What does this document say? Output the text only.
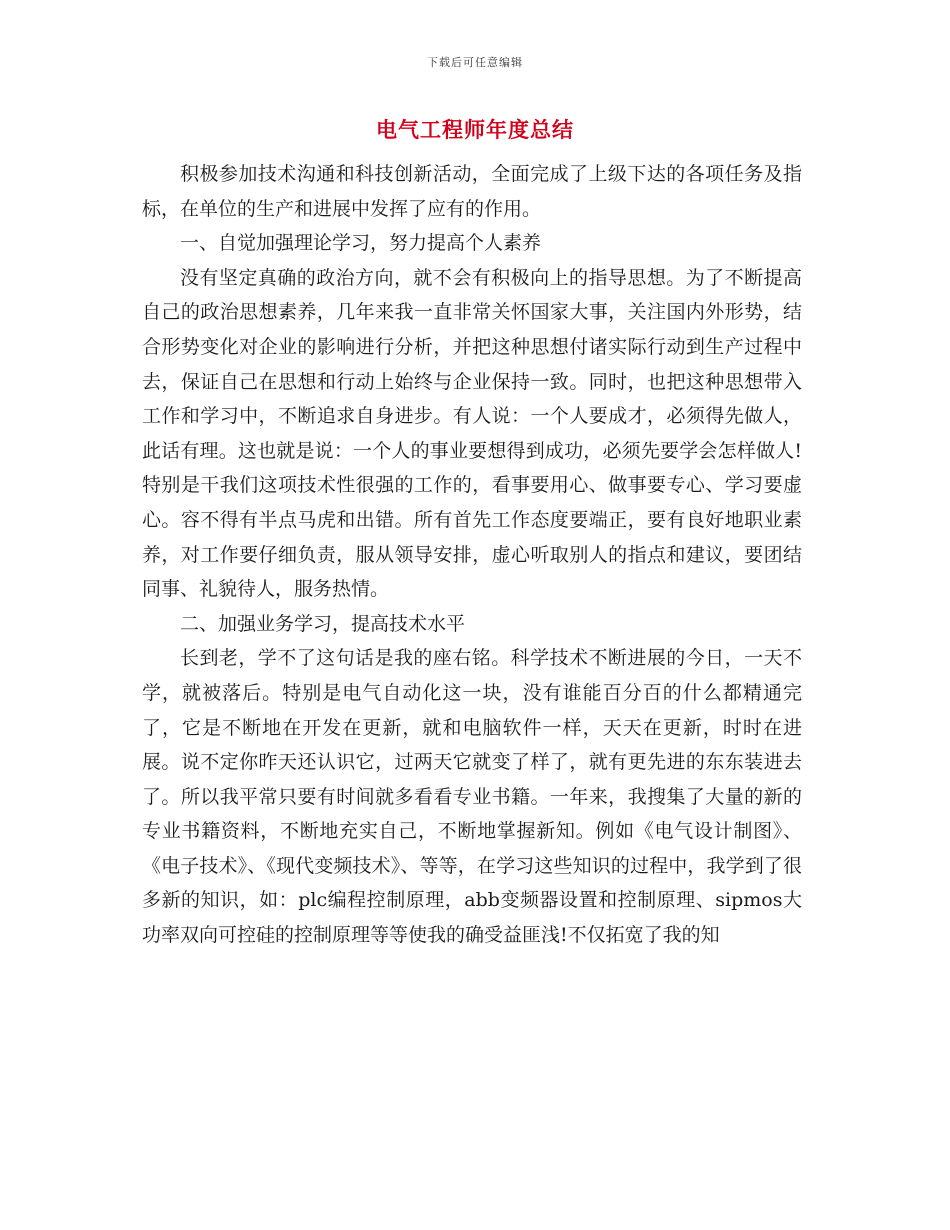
下载后可任意编辑
电气工程师年度总结

积极参加技术沟通和科技创新活动，全面完成了上级下达的各项任务及指标，在单位的生产和进展中发挥了应有的作用。

一、自觉加强理论学习，努力提高个人素养

没有坚定真确的政治方向，就不会有积极向上的指导思想。为了不断提高自己的政治思想素养，几年来我一直非常关怀国家大事，关注国内外形势，结合形势变化对企业的影响进行分析，并把这种思想付诸实际行动到生产过程中去，保证自己在思想和行动上始终与企业保持一致。同时，也把这种思想带入工作和学习中，不断追求自身进步。有人说：一个人要成才，必须得先做人，此话有理。这也就是说：一个人的事业要想得到成功，必须先要学会怎样做人!特别是干我们这项技术性很强的工作的，看事要用心、做事要专心、学习要虚心。容不得有半点马虎和出错。所有首先工作态度要端正，要有良好地职业素养，对工作要仔细负责，服从领导安排，虚心听取别人的指点和建议，要团结同事、礼貌待人，服务热情。

二、加强业务学习，提高技术水平

长到老，学不了这句话是我的座右铭。科学技术不断进展的今日，一天不学，就被落后。特别是电气自动化这一块，没有谁能百分百的什么都精通完了，它是不断地在开发在更新，就和电脑软件一样，天天在更新，时时在进展。说不定你昨天还认识它，过两天它就变了样了，就有更先进的东东装进去了。所以我平常只要有时间就多看看专业书籍。一年来，我搜集了大量的新的专业书籍资料，不断地充实自己，不断地掌握新知。例如《电气设计制图》、《电子技术》、《现代变频技术》、等等，在学习这些知识的过程中，我学到了很多新的知识，如：plc编程控制原理，abb变频器设置和控制原理、sipmos大功率双向可控硅的控制原理等等使我的确受益匪浅!不仅拓宽了我的知
